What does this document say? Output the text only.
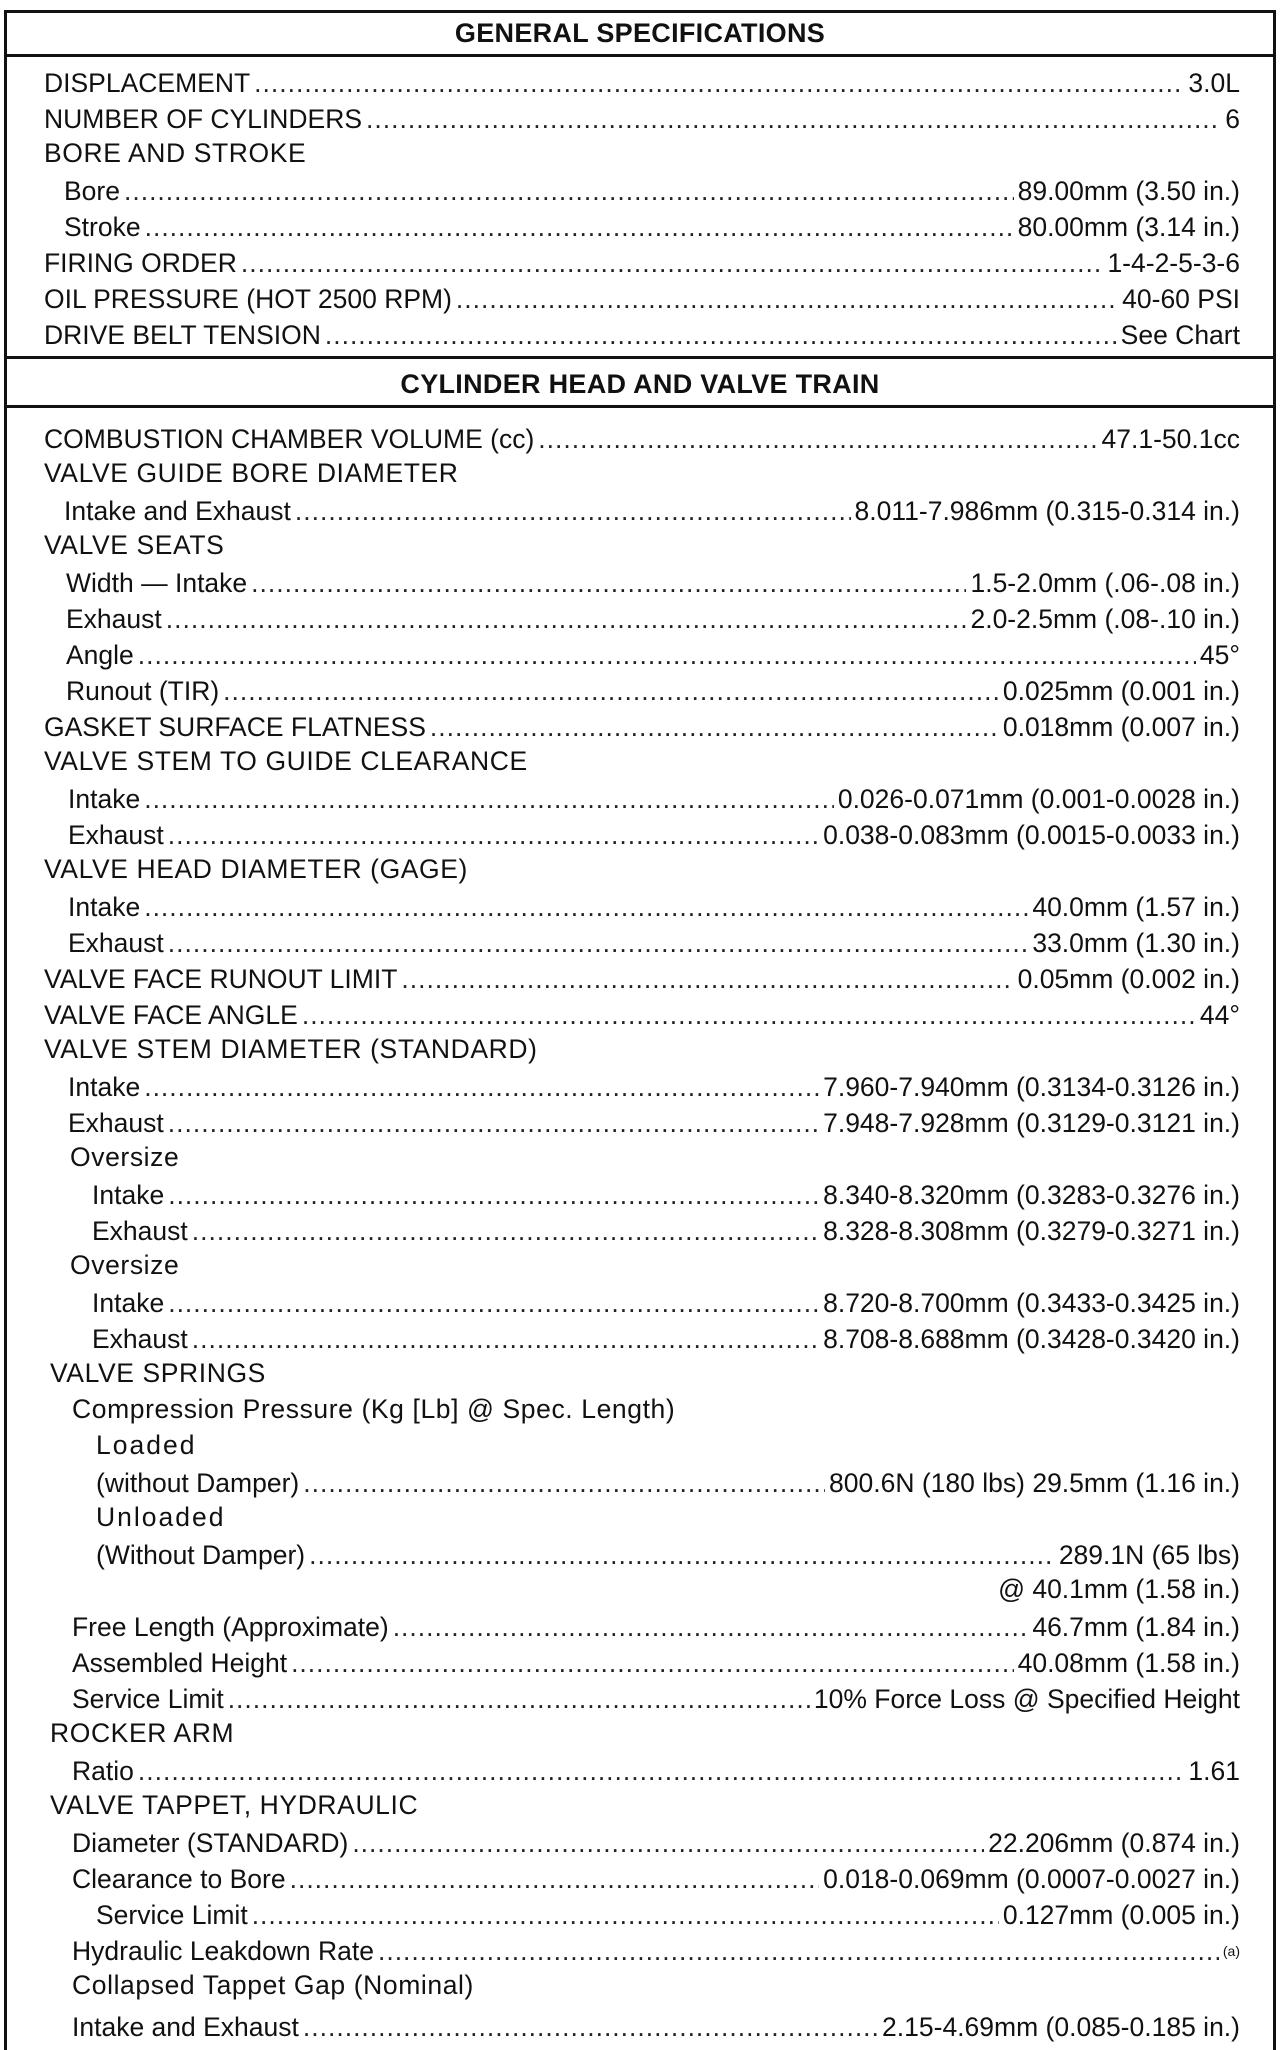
GENERAL SPECIFICATIONS
DISPLACEMENT .....	3.0L
NUMBER OF CYLINDERS .....	6
BORE AND STROKE
Bore .....	89.00mm (3.50 in.)
Stroke .....	80.00mm (3.14 in.)
FIRING ORDER .....	1-4-2-5-3-6
OIL PRESSURE (HOT 2500 RPM) .....	40-60 PSI
DRIVE BELT TENSION .....	See Chart
CYLINDER HEAD AND VALVE TRAIN
COMBUSTION CHAMBER VOLUME (cc) .....	47.1-50.1cc
VALVE GUIDE BORE DIAMETER
Intake and Exhaust .....	8.011-7.986mm (0.315-0.314 in.)
VALVE SEATS
Width — Intake .....	1.5-2.0mm (.06-.08 in.)
Exhaust .....	2.0-2.5mm (.08-.10 in.)
Angle .....	45°
Runout (TIR) .....	0.025mm (0.001 in.)
GASKET SURFACE FLATNESS .....	0.018mm (0.007 in.)
VALVE STEM TO GUIDE CLEARANCE
Intake .....	0.026-0.071mm (0.001-0.0028 in.)
Exhaust .....	0.038-0.083mm (0.0015-0.0033 in.)
VALVE HEAD DIAMETER (GAGE)
Intake .....	40.0mm (1.57 in.)
Exhaust .....	33.0mm (1.30 in.)
VALVE FACE RUNOUT LIMIT .....	0.05mm (0.002 in.)
VALVE FACE ANGLE .....	44°
VALVE STEM DIAMETER (STANDARD)
Intake .....	7.960-7.940mm (0.3134-0.3126 in.)
Exhaust .....	7.948-7.928mm (0.3129-0.3121 in.)
Oversize
Intake .....	8.340-8.320mm (0.3283-0.3276 in.)
Exhaust .....	8.328-8.308mm (0.3279-0.3271 in.)
Oversize
Intake .....	8.720-8.700mm (0.3433-0.3425 in.)
Exhaust .....	8.708-8.688mm (0.3428-0.3420 in.)
VALVE SPRINGS
Compression Pressure (Kg [Lb] @ Spec. Length)
Loaded
(without Damper) .....	800.6N (180 lbs) 29.5mm (1.16 in.)
Unloaded
(Without Damper) .....	289.1N (65 lbs)
@ 40.1mm (1.58 in.)
Free Length (Approximate) .....	46.7mm (1.84 in.)
Assembled Height .....	40.08mm (1.58 in.)
Service Limit .....	10% Force Loss @ Specified Height
ROCKER ARM
Ratio .....	1.61
VALVE TAPPET, HYDRAULIC
Diameter (STANDARD) .....	22.206mm (0.874 in.)
Clearance to Bore .....	0.018-0.069mm (0.0007-0.0027 in.)
Service Limit .....	0.127mm (0.005 in.)
Hydraulic Leakdown Rate .....	(a)
Collapsed Tappet Gap (Nominal)
Intake and Exhaust .....	2.15-4.69mm (0.085-0.185 in.)
